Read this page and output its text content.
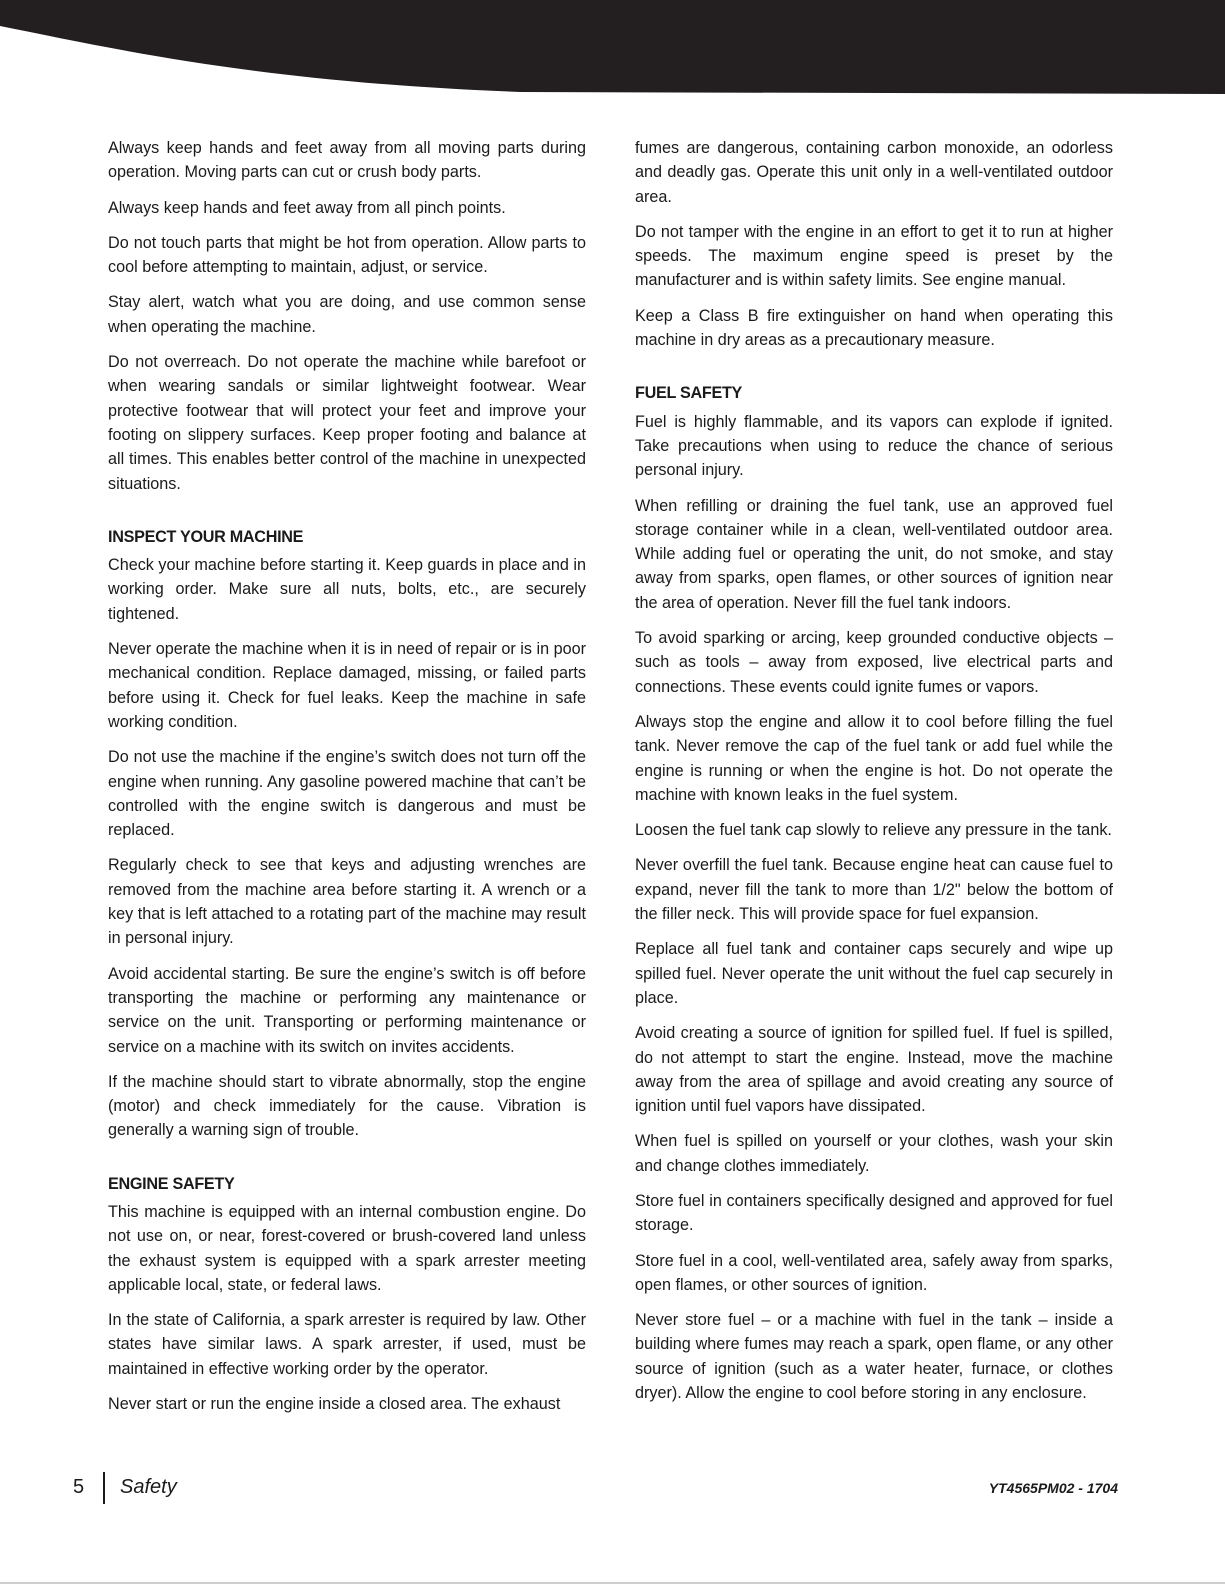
Always keep hands and feet away from all moving parts during operation. Moving parts can cut or crush body parts.

Always keep hands and feet away from all pinch points.

Do not touch parts that might be hot from operation. Allow parts to cool before attempting to maintain, adjust, or service.

Stay alert, watch what you are doing, and use common sense when operating the machine.

Do not overreach. Do not operate the machine while barefoot or when wearing sandals or similar lightweight footwear. Wear protective footwear that will protect your feet and improve your footing on slippery surfaces. Keep proper footing and balance at all times. This enables better control of the machine in unexpected situations.

INSPECT YOUR MACHINE

Check your machine before starting it. Keep guards in place and in working order. Make sure all nuts, bolts, etc., are securely tightened.

Never operate the machine when it is in need of repair or is in poor mechanical condition. Replace damaged, missing, or failed parts before using it. Check for fuel leaks. Keep the machine in safe working condition.

Do not use the machine if the engine’s switch does not turn off the engine when running. Any gasoline powered machine that can’t be controlled with the engine switch is dangerous and must be replaced.

Regularly check to see that keys and adjusting wrenches are removed from the machine area before starting it. A wrench or a key that is left attached to a rotating part of the machine may result in personal injury.

Avoid accidental starting. Be sure the engine’s switch is off before transporting the machine or performing any maintenance or service on the unit. Transporting or performing maintenance or service on a machine with its switch on invites accidents.

If the machine should start to vibrate abnormally, stop the engine (motor) and check immediately for the cause. Vibration is generally a warning sign of trouble.

ENGINE SAFETY

This machine is equipped with an internal combustion engine. Do not use on, or near, forest-covered or brush-covered land unless the exhaust system is equipped with a spark arrester meeting applicable local, state, or federal laws.

In the state of California, a spark arrester is required by law. Other states have similar laws. A spark arrester, if used, must be maintained in effective working order by the operator.

Never start or run the engine inside a closed area. The exhaust

fumes are dangerous, containing carbon monoxide, an odorless and deadly gas. Operate this unit only in a well-ventilated outdoor area.

Do not tamper with the engine in an effort to get it to run at higher speeds. The maximum engine speed is preset by the manufacturer and is within safety limits. See engine manual.

Keep a Class B fire extinguisher on hand when operating this machine in dry areas as a precautionary measure.

FUEL SAFETY

Fuel is highly flammable, and its vapors can explode if ignited. Take precautions when using to reduce the chance of serious personal injury.

When refilling or draining the fuel tank, use an approved fuel storage container while in a clean, well-ventilated outdoor area. While adding fuel or operating the unit, do not smoke, and stay away from sparks, open flames, or other sources of ignition near the area of operation. Never fill the fuel tank indoors.

To avoid sparking or arcing, keep grounded conductive objects – such as tools – away from exposed, live electrical parts and connections. These events could ignite fumes or vapors.

Always stop the engine and allow it to cool before filling the fuel tank. Never remove the cap of the fuel tank or add fuel while the engine is running or when the engine is hot. Do not operate the machine with known leaks in the fuel system.

Loosen the fuel tank cap slowly to relieve any pressure in the tank.

Never overfill the fuel tank. Because engine heat can cause fuel to expand, never fill the tank to more than 1/2" below the bottom of the filler neck. This will provide space for fuel expansion.

Replace all fuel tank and container caps securely and wipe up spilled fuel. Never operate the unit without the fuel cap securely in place.

Avoid creating a source of ignition for spilled fuel. If fuel is spilled, do not attempt to start the engine. Instead, move the machine away from the area of spillage and avoid creating any source of ignition until fuel vapors have dissipated.

When fuel is spilled on yourself or your clothes, wash your skin and change clothes immediately.

Store fuel in containers specifically designed and approved for fuel storage.

Store fuel in a cool, well-ventilated area, safely away from sparks, open flames, or other sources of ignition.

Never store fuel – or a machine with fuel in the tank – inside a building where fumes may reach a spark, open flame, or any other source of ignition (such as a water heater, furnace, or clothes dryer). Allow the engine to cool before storing in any enclosure.

5 Safety	YT4565PM02 - 1704
